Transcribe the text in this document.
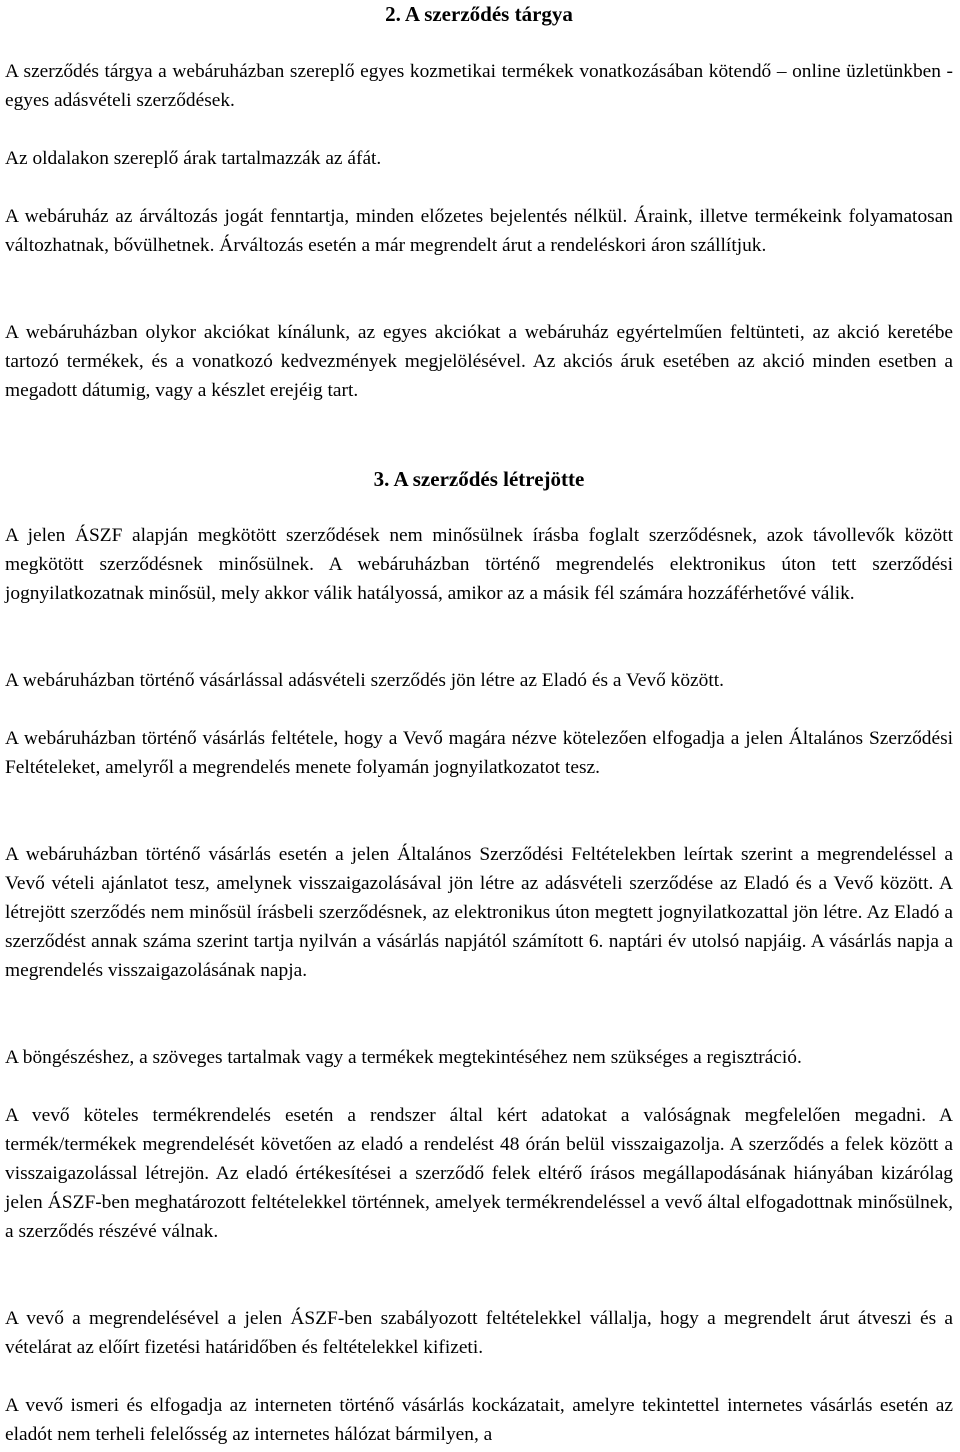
2. A szerződés tárgya

A szerződés tárgya a webáruházban szereplő egyes kozmetikai termékek vonatkozásában kötendő – online üzletünkben - egyes adásvételi szerződések.

Az oldalakon szereplő árak tartalmazzák az áfát.

A webáruház az árváltozás jogát fenntartja, minden előzetes bejelentés nélkül. Áraink, illetve termékeink folyamatosan változhatnak, bővülhetnek. Árváltozás esetén a már megrendelt árut a rendeléskori áron szállítjuk.

A webáruházban olykor akciókat kínálunk, az egyes akciókat a webáruház egyértelműen feltünteti, az akció keretébe tartozó termékek, és a vonatkozó kedvezmények megjelölésével. Az akciós áruk esetében az akció minden esetben a megadott dátumig, vagy a készlet erejéig tart.

3. A szerződés létrejötte

A jelen ÁSZF alapján megkötött szerződések nem minősülnek írásba foglalt szerződésnek, azok távollevők között megkötött szerződésnek minősülnek. A webáruházban történő megrendelés elektronikus úton tett szerződési jognyilatkozatnak minősül, mely akkor válik hatályossá, amikor az a másik fél számára hozzáférhetővé válik.

A webáruházban történő vásárlással adásvételi szerződés jön létre az Eladó és a Vevő között.

A webáruházban történő vásárlás feltétele, hogy a Vevő magára nézve kötelezően elfogadja a jelen Általános Szerződési Feltételeket, amelyről a megrendelés menete folyamán jognyilatkozatot tesz.

A webáruházban történő vásárlás esetén a jelen Általános Szerződési Feltételekben leírtak szerint a megrendeléssel a Vevő vételi ajánlatot tesz, amelynek visszaigazolásával jön létre az adásvételi szerződése az Eladó és a Vevő között. A létrejött szerződés nem minősül írásbeli szerződésnek, az elektronikus úton megtett jognyilatkozattal jön létre. Az Eladó a szerződést annak száma szerint tartja nyilván a vásárlás napjától számított 6. naptári év utolsó napjáig. A vásárlás napja a megrendelés visszaigazolásának napja.

A böngészéshez, a szöveges tartalmak vagy a termékek megtekintéséhez nem szükséges a regisztráció.

A vevő köteles termékrendelés esetén a rendszer által kért adatokat a valóságnak megfelelően megadni. A termék/termékek megrendelését követően az eladó a rendelést 48 órán belül visszaigazolja. A szerződés a felek között a visszaigazolással létrejön. Az eladó értékesítései a szerződő felek eltérő írásos megállapodásának hiányában kizárólag jelen ÁSZF-ben meghatározott feltételekkel történnek, amelyek termékrendeléssel a vevő által elfogadottnak minősülnek, a szerződés részévé válnak.

A vevő a megrendelésével a jelen ÁSZF-ben szabályozott feltételekkel vállalja, hogy a megrendelt árut átveszi és a vételárat az előírt fizetési határidőben és feltételekkel kifizeti.

A vevő ismeri és elfogadja az interneten történő vásárlás kockázatait, amelyre tekintettel internetes vásárlás esetén az eladót nem terheli felelősség az internetes hálózat bármilyen, a
